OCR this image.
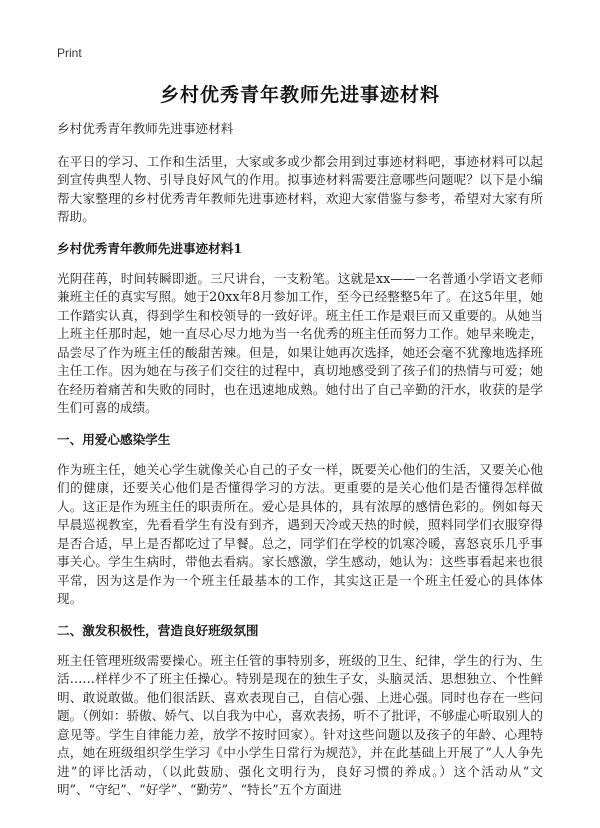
Print
乡村优秀青年教师先进事迹材料
乡村优秀青年教师先进事迹材料

在平日的学习、工作和生活里，大家或多或少都会用到过事迹材料吧，事迹材料可以起到宣传典型人物、引导良好风气的作用。拟事迹材料需要注意哪些问题呢？以下是小编帮大家整理的乡村优秀青年教师先进事迹材料，欢迎大家借鉴与参考，希望对大家有所帮助。

乡村优秀青年教师先进事迹材料1

光阴荏苒，时间转瞬即逝。三尺讲台，一支粉笔。这就是xx——一名普通小学语文老师兼班主任的真实写照。她于20xx年8月参加工作，至今已经整整5年了。在这5年里，她工作踏实认真，得到学生和校领导的一致好评。班主任工作是艰巨而又重要的。从她当上班主任那时起，她一直尽心尽力地为当一名优秀的班主任而努力工作。她早来晚走，品尝尽了作为班主任的酸甜苦辣。但是，如果让她再次选择，她还会毫不犹豫地选择班主任工作。因为她在与孩子们交往的过程中，真切地感受到了孩子们的热情与可爱；她在经历着痛苦和失败的同时，也在迅速地成熟。她付出了自己辛勤的汗水，收获的是学生们可喜的成绩。

一、用爱心感染学生

作为班主任，她关心学生就像关心自己的子女一样，既要关心他们的生活，又要关心他们的健康，还要关心他们是否懂得学习的方法。更重要的是关心他们是否懂得怎样做人。这正是作为班主任的职责所在。爱心是具体的，具有浓厚的感情色彩的。例如每天早晨巡视教室，先看看学生有没有到齐，遇到天冷或天热的时候，照料同学们衣服穿得是否合适，早上是否都吃过了早餐。总之，同学们在学校的饥寒冷暖，喜怒哀乐几乎事事关心。学生生病时，带他去看病。家长感激，学生感动，她认为：这些事看起来也很平常，因为这是作为一个班主任最基本的工作，其实这正是一个班主任爱心的具体体现。

二、激发积极性，营造良好班级氛围

班主任管理班级需要操心。班主任管的事特别多，班级的卫生、纪律，学生的行为、生活……样样少不了班主任操心。特别是现在的独生子女，头脑灵活、思想独立、个性鲜明、敢说敢做。他们很活跃、喜欢表现自己，自信心强、上进心强。同时也存在一些问题。（例如：骄傲、娇气、以自我为中心，喜欢表扬，听不了批评，不够虚心听取别人的意见等。学生自律能力差，放学不按时回家）。针对这些问题以及孩子的年龄、心理特点，她在班级组织学生学习《中小学生日常行为规范》，并在此基础上开展了“人人争先进”的评比活动，（以此鼓励、强化文明行为，良好习惯的养成。）这个活动从“文明”、“守纪”、“好学”、“勤劳”、“特长”五个方面进
